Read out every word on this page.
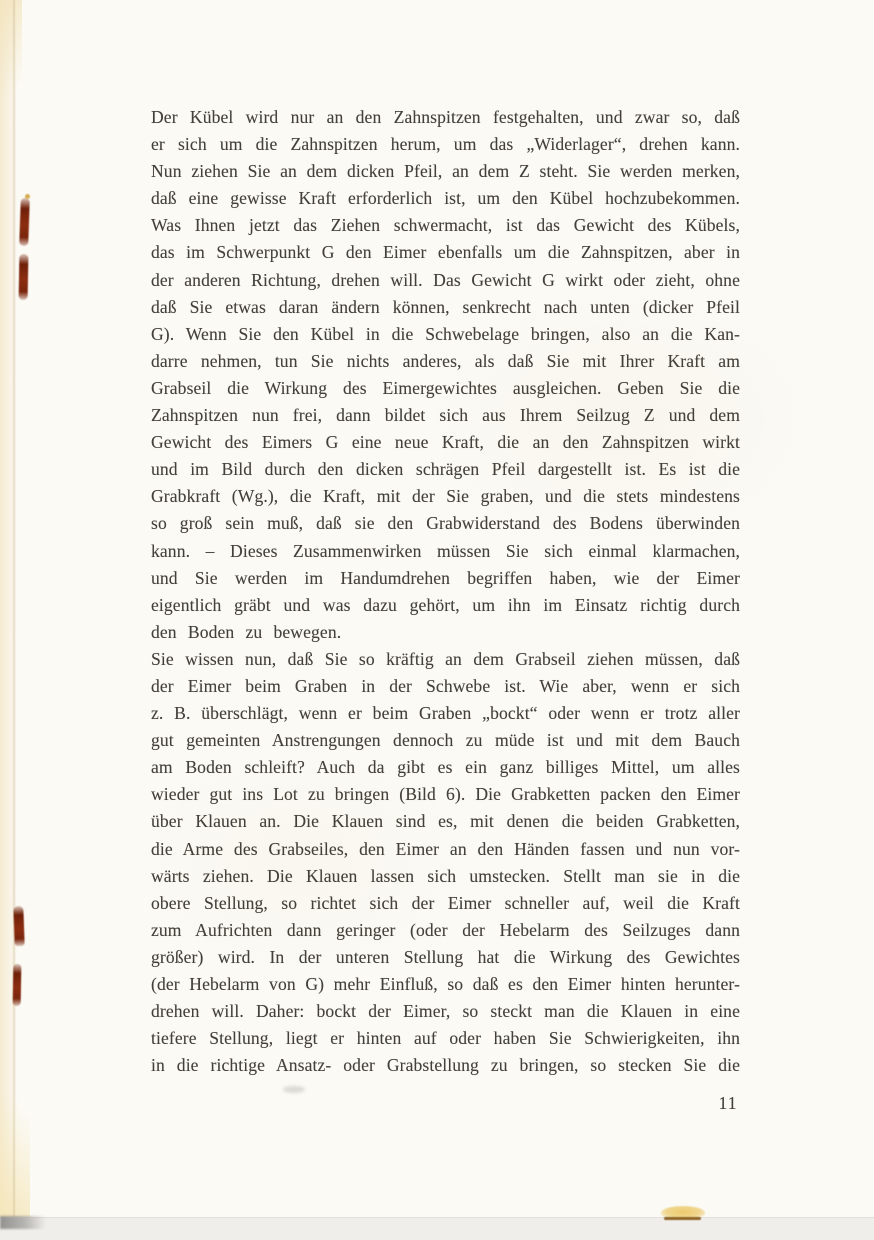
Der Kübel wird nur an den Zahnspitzen festgehalten, und zwar so, daß
er sich um die Zahnspitzen herum, um das „Widerlager“, drehen kann.
Nun ziehen Sie an dem dicken Pfeil, an dem Z steht. Sie werden merken,
daß eine gewisse Kraft erforderlich ist, um den Kübel hochzubekommen.
Was Ihnen jetzt das Ziehen schwermacht, ist das Gewicht des Kübels,
das im Schwerpunkt G den Eimer ebenfalls um die Zahnspitzen, aber in
der anderen Richtung, drehen will. Das Gewicht G wirkt oder zieht, ohne
daß Sie etwas daran ändern können, senkrecht nach unten (dicker Pfeil
G). Wenn Sie den Kübel in die Schwebelage bringen, also an die Kan-
darre nehmen, tun Sie nichts anderes, als daß Sie mit Ihrer Kraft am
Grabseil die Wirkung des Eimergewichtes ausgleichen. Geben Sie die
Zahnspitzen nun frei, dann bildet sich aus Ihrem Seilzug Z und dem
Gewicht des Eimers G eine neue Kraft, die an den Zahnspitzen wirkt
und im Bild durch den dicken schrägen Pfeil dargestellt ist. Es ist die
Grabkraft (Wg.), die Kraft, mit der Sie graben, und die stets mindestens
so groß sein muß, daß sie den Grabwiderstand des Bodens überwinden
kann. – Dieses Zusammenwirken müssen Sie sich einmal klarmachen,
und Sie werden im Handumdrehen begriffen haben, wie der Eimer
eigentlich gräbt und was dazu gehört, um ihn im Einsatz richtig durch
den Boden zu bewegen.
Sie wissen nun, daß Sie so kräftig an dem Grabseil ziehen müssen, daß
der Eimer beim Graben in der Schwebe ist. Wie aber, wenn er sich
z. B. überschlägt, wenn er beim Graben „bockt“ oder wenn er trotz aller
gut gemeinten Anstrengungen dennoch zu müde ist und mit dem Bauch
am Boden schleift? Auch da gibt es ein ganz billiges Mittel, um alles
wieder gut ins Lot zu bringen (Bild 6). Die Grabketten packen den Eimer
über Klauen an. Die Klauen sind es, mit denen die beiden Grabketten,
die Arme des Grabseiles, den Eimer an den Händen fassen und nun vor-
wärts ziehen. Die Klauen lassen sich umstecken. Stellt man sie in die
obere Stellung, so richtet sich der Eimer schneller auf, weil die Kraft
zum Aufrichten dann geringer (oder der Hebelarm des Seilzuges dann
größer) wird. In der unteren Stellung hat die Wirkung des Gewichtes
(der Hebelarm von G) mehr Einfluß, so daß es den Eimer hinten herunter-
drehen will. Daher: bockt der Eimer, so steckt man die Klauen in eine
tiefere Stellung, liegt er hinten auf oder haben Sie Schwierigkeiten, ihn
in die richtige Ansatz- oder Grabstellung zu bringen, so stecken Sie die
11
